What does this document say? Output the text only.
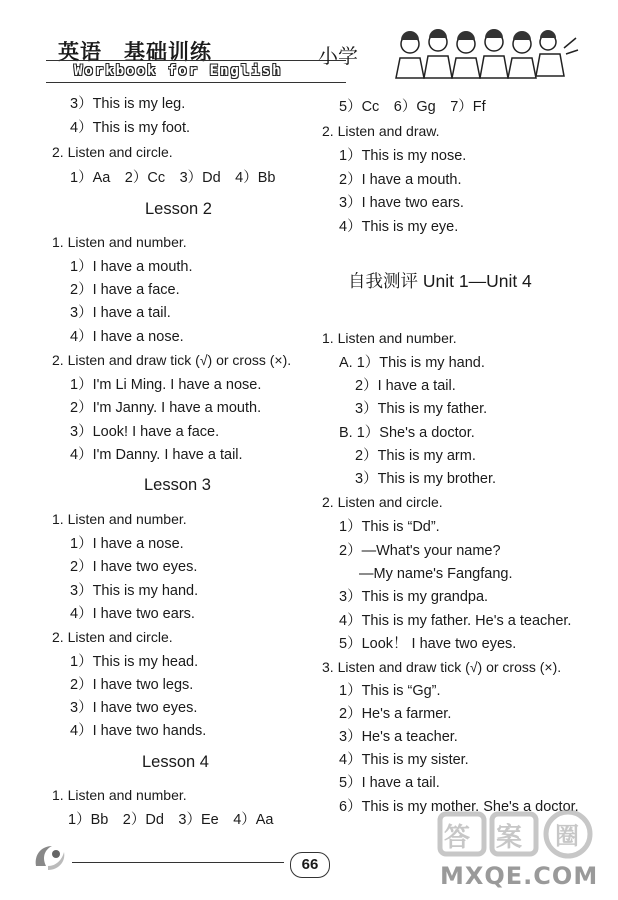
英语　基础训练
Workbook for English
小学
3）This is my leg.
4）This is my foot.
2. Listen and circle.
1）Aa　2）Cc　3）Dd　4）Bb
Lesson 2
1. Listen and number.
1）I have a mouth.
2）I have a face.
3）I have a tail.
4）I have a nose.
2. Listen and draw tick (√) or cross (×).
1）I'm Li Ming. I have a nose.
2）I'm Janny. I have a mouth.
3）Look! I have a face.
4）I'm Danny. I have a tail.
Lesson 3
1. Listen and number.
1）I have a nose.
2）I have two eyes.
3）This is my hand.
4）I have two ears.
2. Listen and circle.
1）This is my head.
2）I have two legs.
3）I have two eyes.
4）I have two hands.
Lesson 4
1. Listen and number.
1）Bb　2）Dd　3）Ee　4）Aa
5）Cc　6）Gg　7）Ff
2. Listen and draw.
1）This is my nose.
2）I have a mouth.
3）I have two ears.
4）This is my eye.
自我测评 Unit 1—Unit 4
1. Listen and number.
A. 1）This is my hand.
2）I have a tail.
3）This is my father.
B. 1）She's a doctor.
2）This is my arm.
3）This is my brother.
2. Listen and circle.
1）This is “Dd”.
2）—What's your name?
—My name's Fangfang.
3）This is my grandpa.
4）This is my father. He's a teacher.
5）Look！ I have two eyes.
3. Listen and draw tick (√) or cross (×).
1）This is “Gg”.
2）He's a farmer.
3）He's a teacher.
4）This is my sister.
5）I have a tail.
6）This is my mother. She's a doctor.
66
答 案 圈
MXQE.COM
